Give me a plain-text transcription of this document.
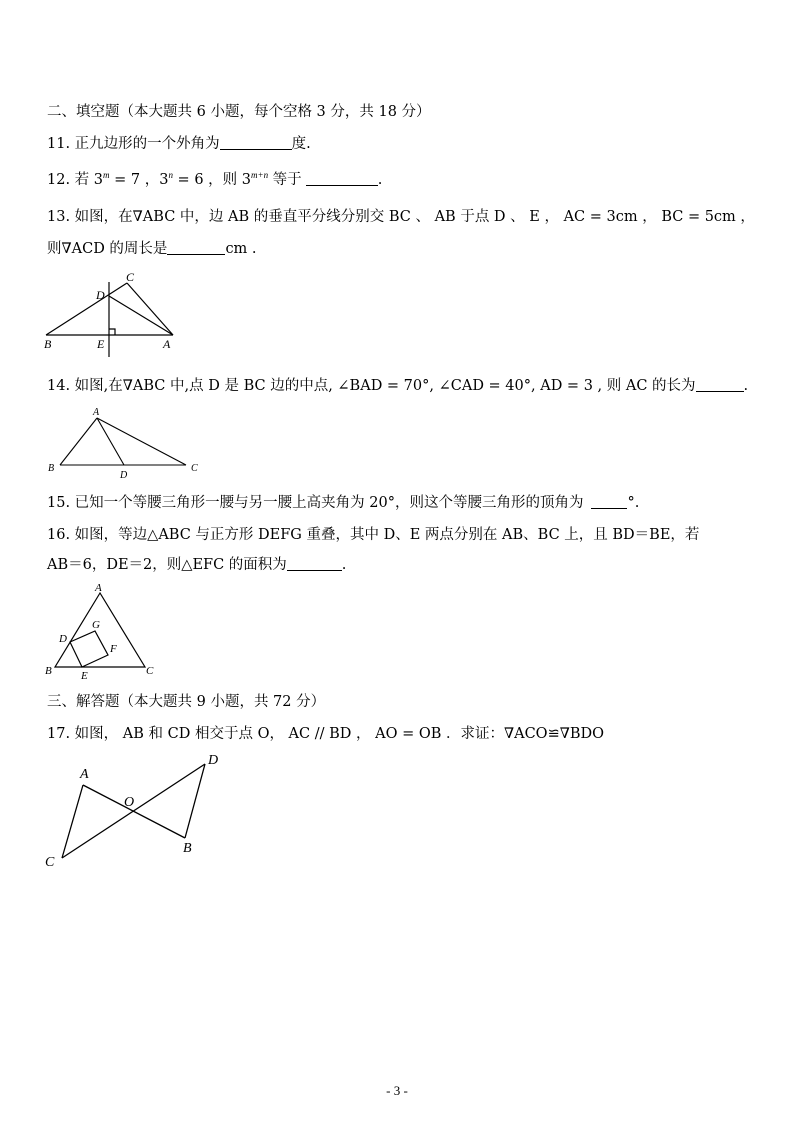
二、填空题（本大题共 6 小题，每个空格 3 分，共 18 分）
11. 正九边形的一个外角为	度.
12. 若 $3^m = 7$ ，$3^n = 6$ ，则 $3^{m+n}$ 等于	.
13. 如图，在∇ABC 中，边 AB 的垂直平分线分别交 BC 、 AB 于点 D 、 E ， AC = 3cm ， BC = 5cm ，
则∇ACD 的周长是	cm .
C
D
B	E	A
14. 如图,在∇ABC 中,点 D 是 BC 边的中点, ∠BAD = 70°, ∠CAD = 40°, AD = 3 , 则 AC 的长为	.
A
B
D
C
15. 已知一个等腰三角形一腰与另一腰上高夹角为 20°，则这个等腰三角形的顶角为	°.
16. 如图，等边△ABC 与正方形 DEFG 重叠，其中 D、E 两点分别在 AB、BC 上，且 BD＝BE，若
AB＝6，DE＝2，则△EFC 的面积为	.
A
G
D
F
B	E	C
三、解答题（本大题共 9 小题，共 72 分）
17. 如图， AB 和 CD 相交于点 O， AC // BD ， AO = OB ．求证：∇ACO≌∇BDO
A
D
O
B
C
- 3 -
